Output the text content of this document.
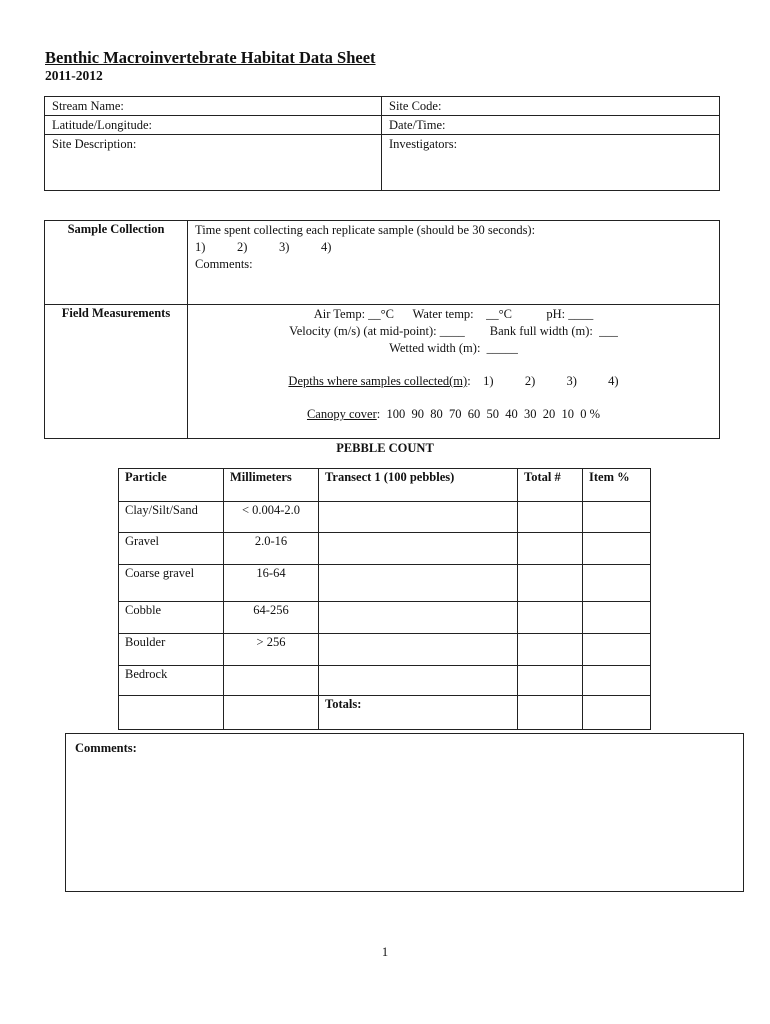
Benthic Macroinvertebrate Habitat Data Sheet
2011-2012
Stream Name:	Site Code:
Latitude/Longitude:	Date/Time:
Site Description:	Investigators:
Sample Collection	Time spent collecting each replicate sample (should be 30 seconds):
1) 2) 3) 4)
Comments:

Field Measurements	Air Temp: __°C      Water temp:    __°C           pH: ____
Velocity (m/s) (at mid-point): ____        Bank full width (m):  ___
Wetted width (m):  _____
Depths where samples collected(m):    1)          2)          3)          4)
Canopy cover:  100  90  80  70  60  50  40  30  20  10  0 %
PEBBLE COUNT
Particle	Millimeters	Transect 1 (100 pebbles)	Total #	Item %
Clay/Silt/Sand	< 0.004-2.0			
Gravel	2.0-16			
Coarse gravel	16-64			
Cobble	64-256			
Boulder	> 256			
Bedrock				
		Totals:		
Comments:
1
